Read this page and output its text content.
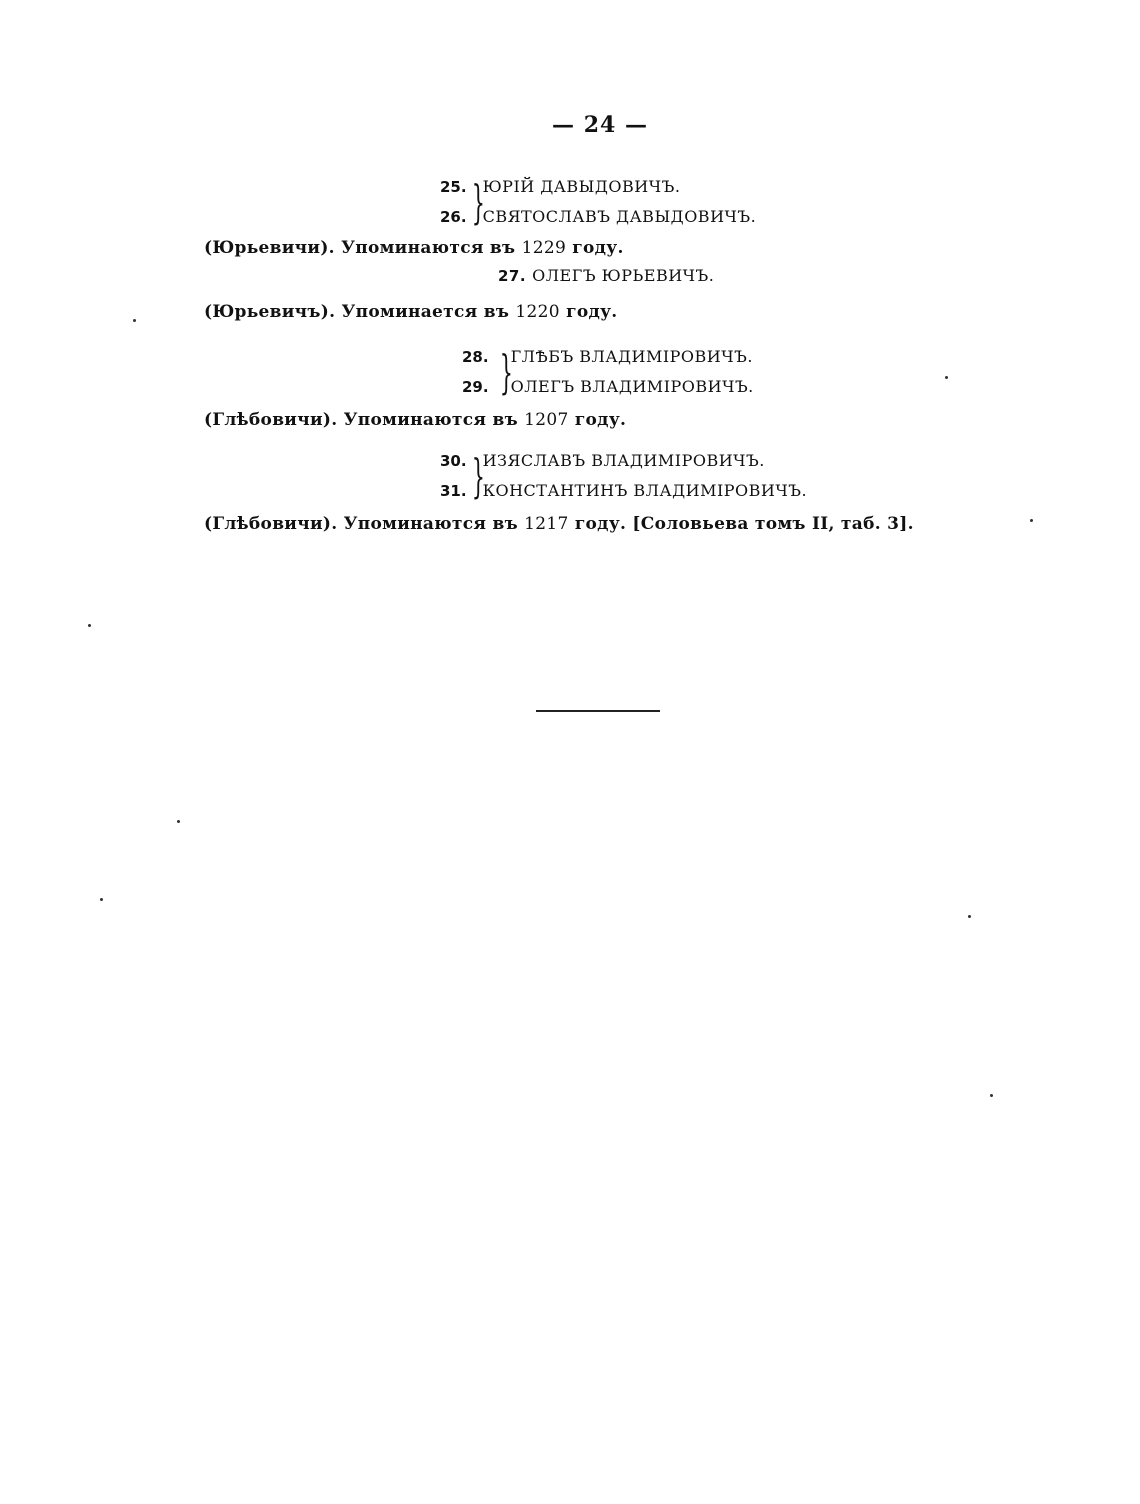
— 24 —
25.
26. }
ЮРІЙ ДАВЫДОВИЧЪ.
СВЯТОСЛАВЪ ДАВЫДОВИЧЪ.
(Юрьевичи). Упоминаются въ 1229 году.
27. ОЛЕГЪ ЮРЬЕВИЧЪ.
(Юрьевичъ). Упоминается въ 1220 году.
28.
29. }
ГЛѢБЪ ВЛАДИМІРОВИЧЪ.
ОЛЕГЪ ВЛАДИМІРОВИЧЪ.
(Глѣбовичи). Упоминаются въ 1207 году.
30.
31. }
ИЗЯСЛАВЪ ВЛАДИМІРОВИЧЪ.
КОНСТАНТИНЪ ВЛАДИМІРОВИЧЪ.
(Глѣбовичи). Упоминаются въ 1217 году. [Соловьева томъ II, таб. 3].
